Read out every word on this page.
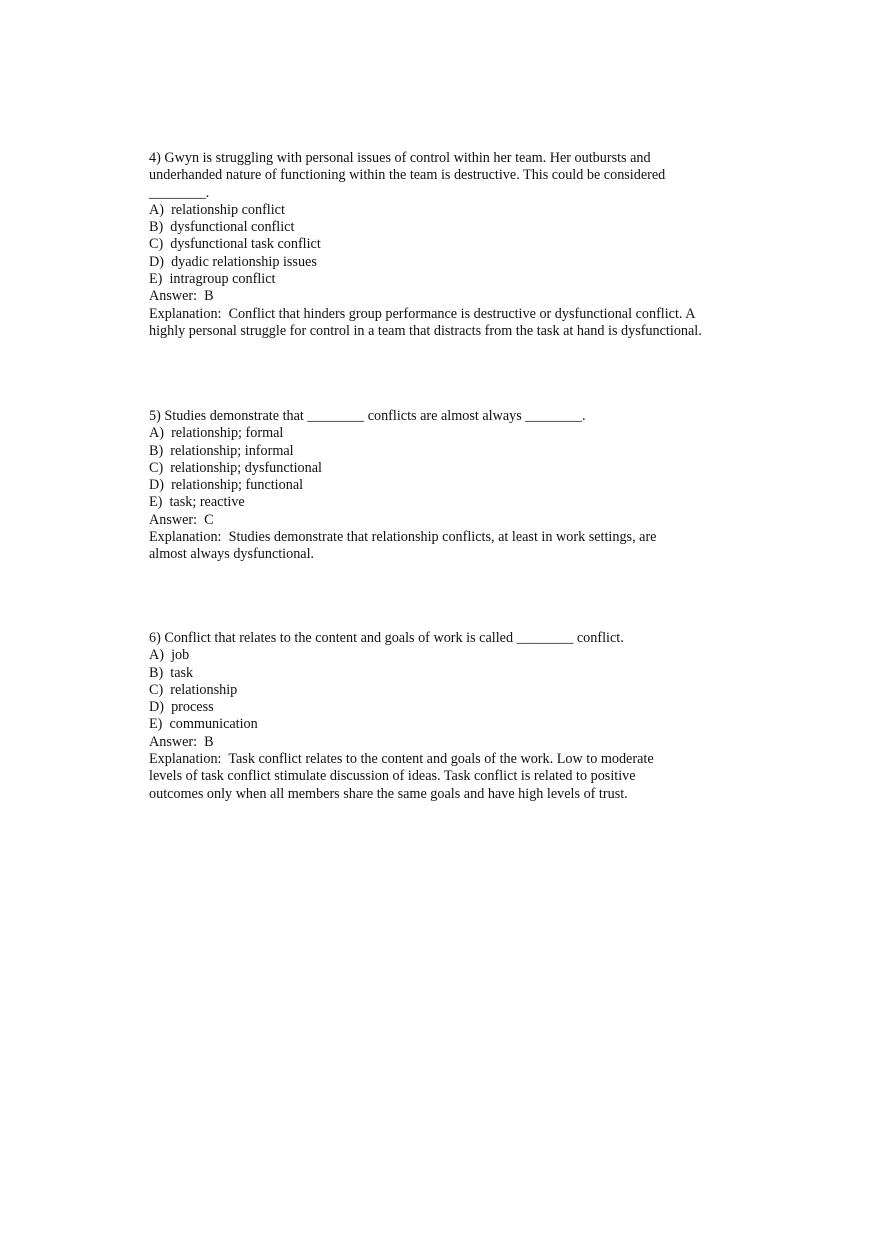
4) Gwyn is struggling with personal issues of control within her team. Her outbursts and
underhanded nature of functioning within the team is destructive. This could be considered
________.
A)  relationship conflict
B)  dysfunctional conflict
C)  dysfunctional task conflict
D)  dyadic relationship issues
E)  intragroup conflict
Answer:  B
Explanation:  Conflict that hinders group performance is destructive or dysfunctional conflict. A
highly personal struggle for control in a team that distracts from the task at hand is dysfunctional.
5) Studies demonstrate that ________ conflicts are almost always ________.
A)  relationship; formal
B)  relationship; informal
C)  relationship; dysfunctional
D)  relationship; functional
E)  task; reactive
Answer:  C
Explanation:  Studies demonstrate that relationship conflicts, at least in work settings, are
almost always dysfunctional.
6) Conflict that relates to the content and goals of work is called ________ conflict.
A)  job
B)  task
C)  relationship
D)  process
E)  communication
Answer:  B
Explanation:  Task conflict relates to the content and goals of the work. Low to moderate
levels of task conflict stimulate discussion of ideas. Task conflict is related to positive
outcomes only when all members share the same goals and have high levels of trust.
